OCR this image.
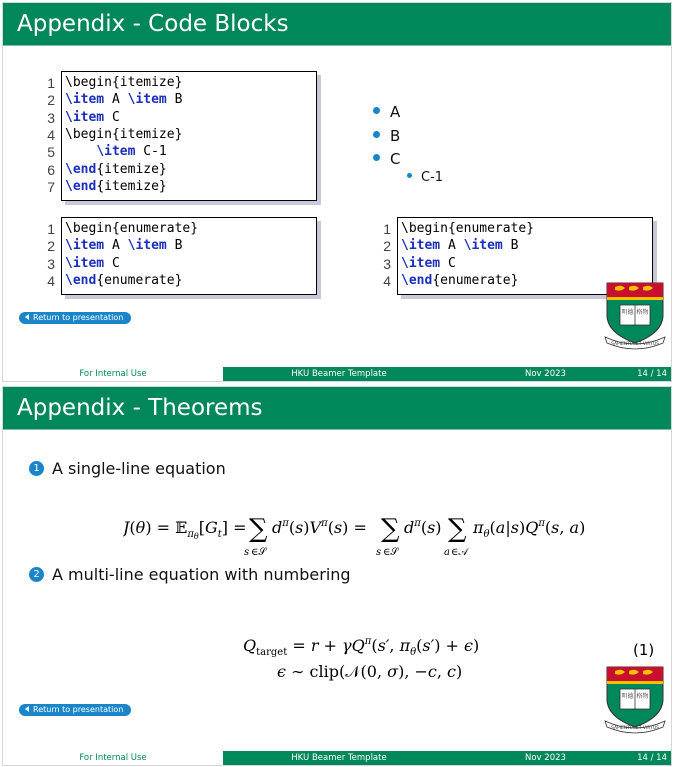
Appendix - Code Blocks
1 \begin{itemize}
2 \item A \item B
3 \item C
4 \begin{itemize}
5	\item C-1
6 \end{itemize}
7 \end{itemize}
A
B
C
C-1
1 \begin{enumerate}
2 \item A \item B
3 \item C
4 \end{enumerate}
1 \begin{enumerate}
2 \item A \item B
3 \item C
4 \end{enumerate}
Return to presentation
明德 格物
SAPIENTIA ET VIRTUS
For Internal Use	HKU Beamer Template	Nov 2023	14 / 14
Appendix - Theorems
1 A single-line equation
$J(\theta) = 𝔼_\pi\theta[G_t]$ = ∑
s ∈𝒮
$d^\pi(s)V^\pi(s)$ = ∑
s ∈𝒮
$d^\pi(s)$ ∑
a ∈𝒜
$\pi_\theta(a|s)Q^\pi(s$, a)
2 A multi-line equation with numbering
$Q_{target} = r + \gamma Q^\pi(s'$, $\pi_\theta(s') + \epsilon$)
ϵ ∼ clip(𝒩(0, σ), −c, c)
(1)
Return to presentation
明德 格物
SAPIENTIA ET VIRTUS
For Internal Use	HKU Beamer Template	Nov 2023	14 / 14
